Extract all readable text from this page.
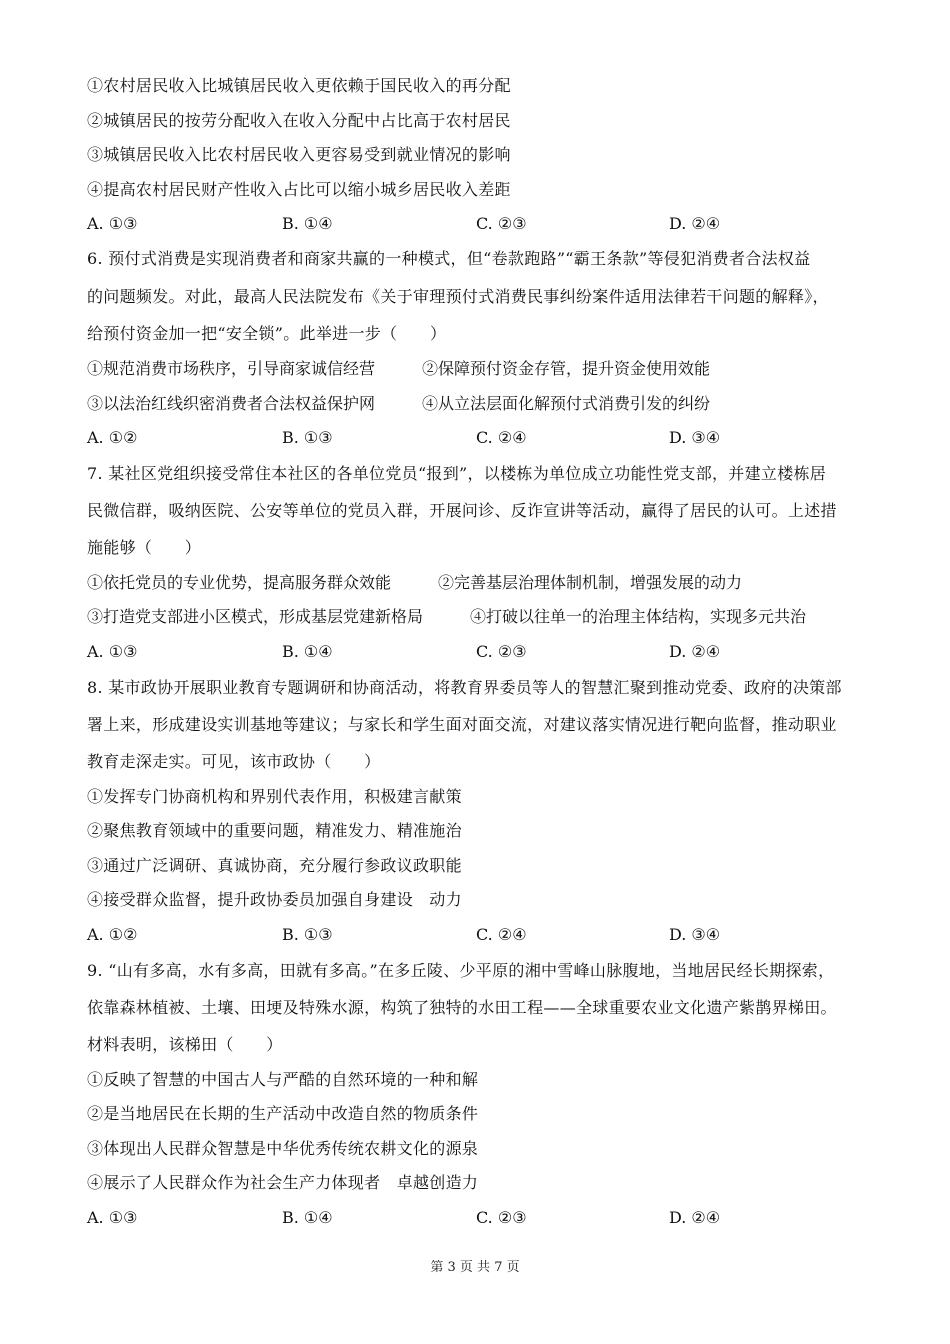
①农村居民收入比城镇居民收入更依赖于国民收入的再分配
②城镇居民的按劳分配收入在收入分配中占比高于农村居民
③城镇居民收入比农村居民收入更容易受到就业情况的影响
④提高农村居民财产性收入占比可以缩小城乡居民收入差距
A. ①③	B. ①④	C. ②③	D. ②④
6. 预付式消费是实现消费者和商家共赢的一种模式，但“卷款跑路”“霸王条款”等侵犯消费者合法权益
的问题频发。对此，最高人民法院发布《关于审理预付式消费民事纠纷案件适用法律若干问题的解释》，
给预付资金加一把“安全锁”。此举进一步（　　）
①规范消费市场秩序，引导商家诚信经营	②保障预付资金存管，提升资金使用效能
③以法治红线织密消费者合法权益保护网	④从立法层面化解预付式消费引发的纠纷
A. ①②	B. ①③	C. ②④	D. ③④
7. 某社区党组织接受常住本社区的各单位党员“报到”，以楼栋为单位成立功能性党支部，并建立楼栋居
民微信群，吸纳医院、公安等单位的党员入群，开展问诊、反诈宣讲等活动，赢得了居民的认可。上述措
施能够（　　）
①依托党员的专业优势，提高服务群众效能	②完善基层治理体制机制，增强发展的动力
③打造党支部进小区模式，形成基层党建新格局	④打破以往单一的治理主体结构，实现多元共治
A. ①③	B. ①④	C. ②③	D. ②④
8. 某市政协开展职业教育专题调研和协商活动，将教育界委员等人的智慧汇聚到推动党委、政府的决策部
署上来，形成建设实训基地等建议；与家长和学生面对面交流，对建议落实情况进行靶向监督，推动职业
教育走深走实。可见，该市政协（　　）
①发挥专门协商机构和界别代表作用，积极建言献策
②聚焦教育领域中的重要问题，精准发力、精准施治
③通过广泛调研、真诚协商，充分履行参政议政职能
④接受群众监督，提升政协委员加强自身建设　动力
A. ①②	B. ①③	C. ②④	D. ③④
9. “山有多高，水有多高，田就有多高。”在多丘陵、少平原的湘中雪峰山脉腹地，当地居民经长期探索，
依靠森林植被、土壤、田埂及特殊水源，构筑了独特的水田工程——全球重要农业文化遗产紫鹊界梯田。
材料表明，该梯田（　　）
①反映了智慧的中国古人与严酷的自然环境的一种和解
②是当地居民在长期的生产活动中改造自然的物质条件
③体现出人民群众智慧是中华优秀传统农耕文化的源泉
④展示了人民群众作为社会生产力体现者　卓越创造力
A. ①③	B. ①④	C. ②③	D. ②④
第 3 页 共 7 页
